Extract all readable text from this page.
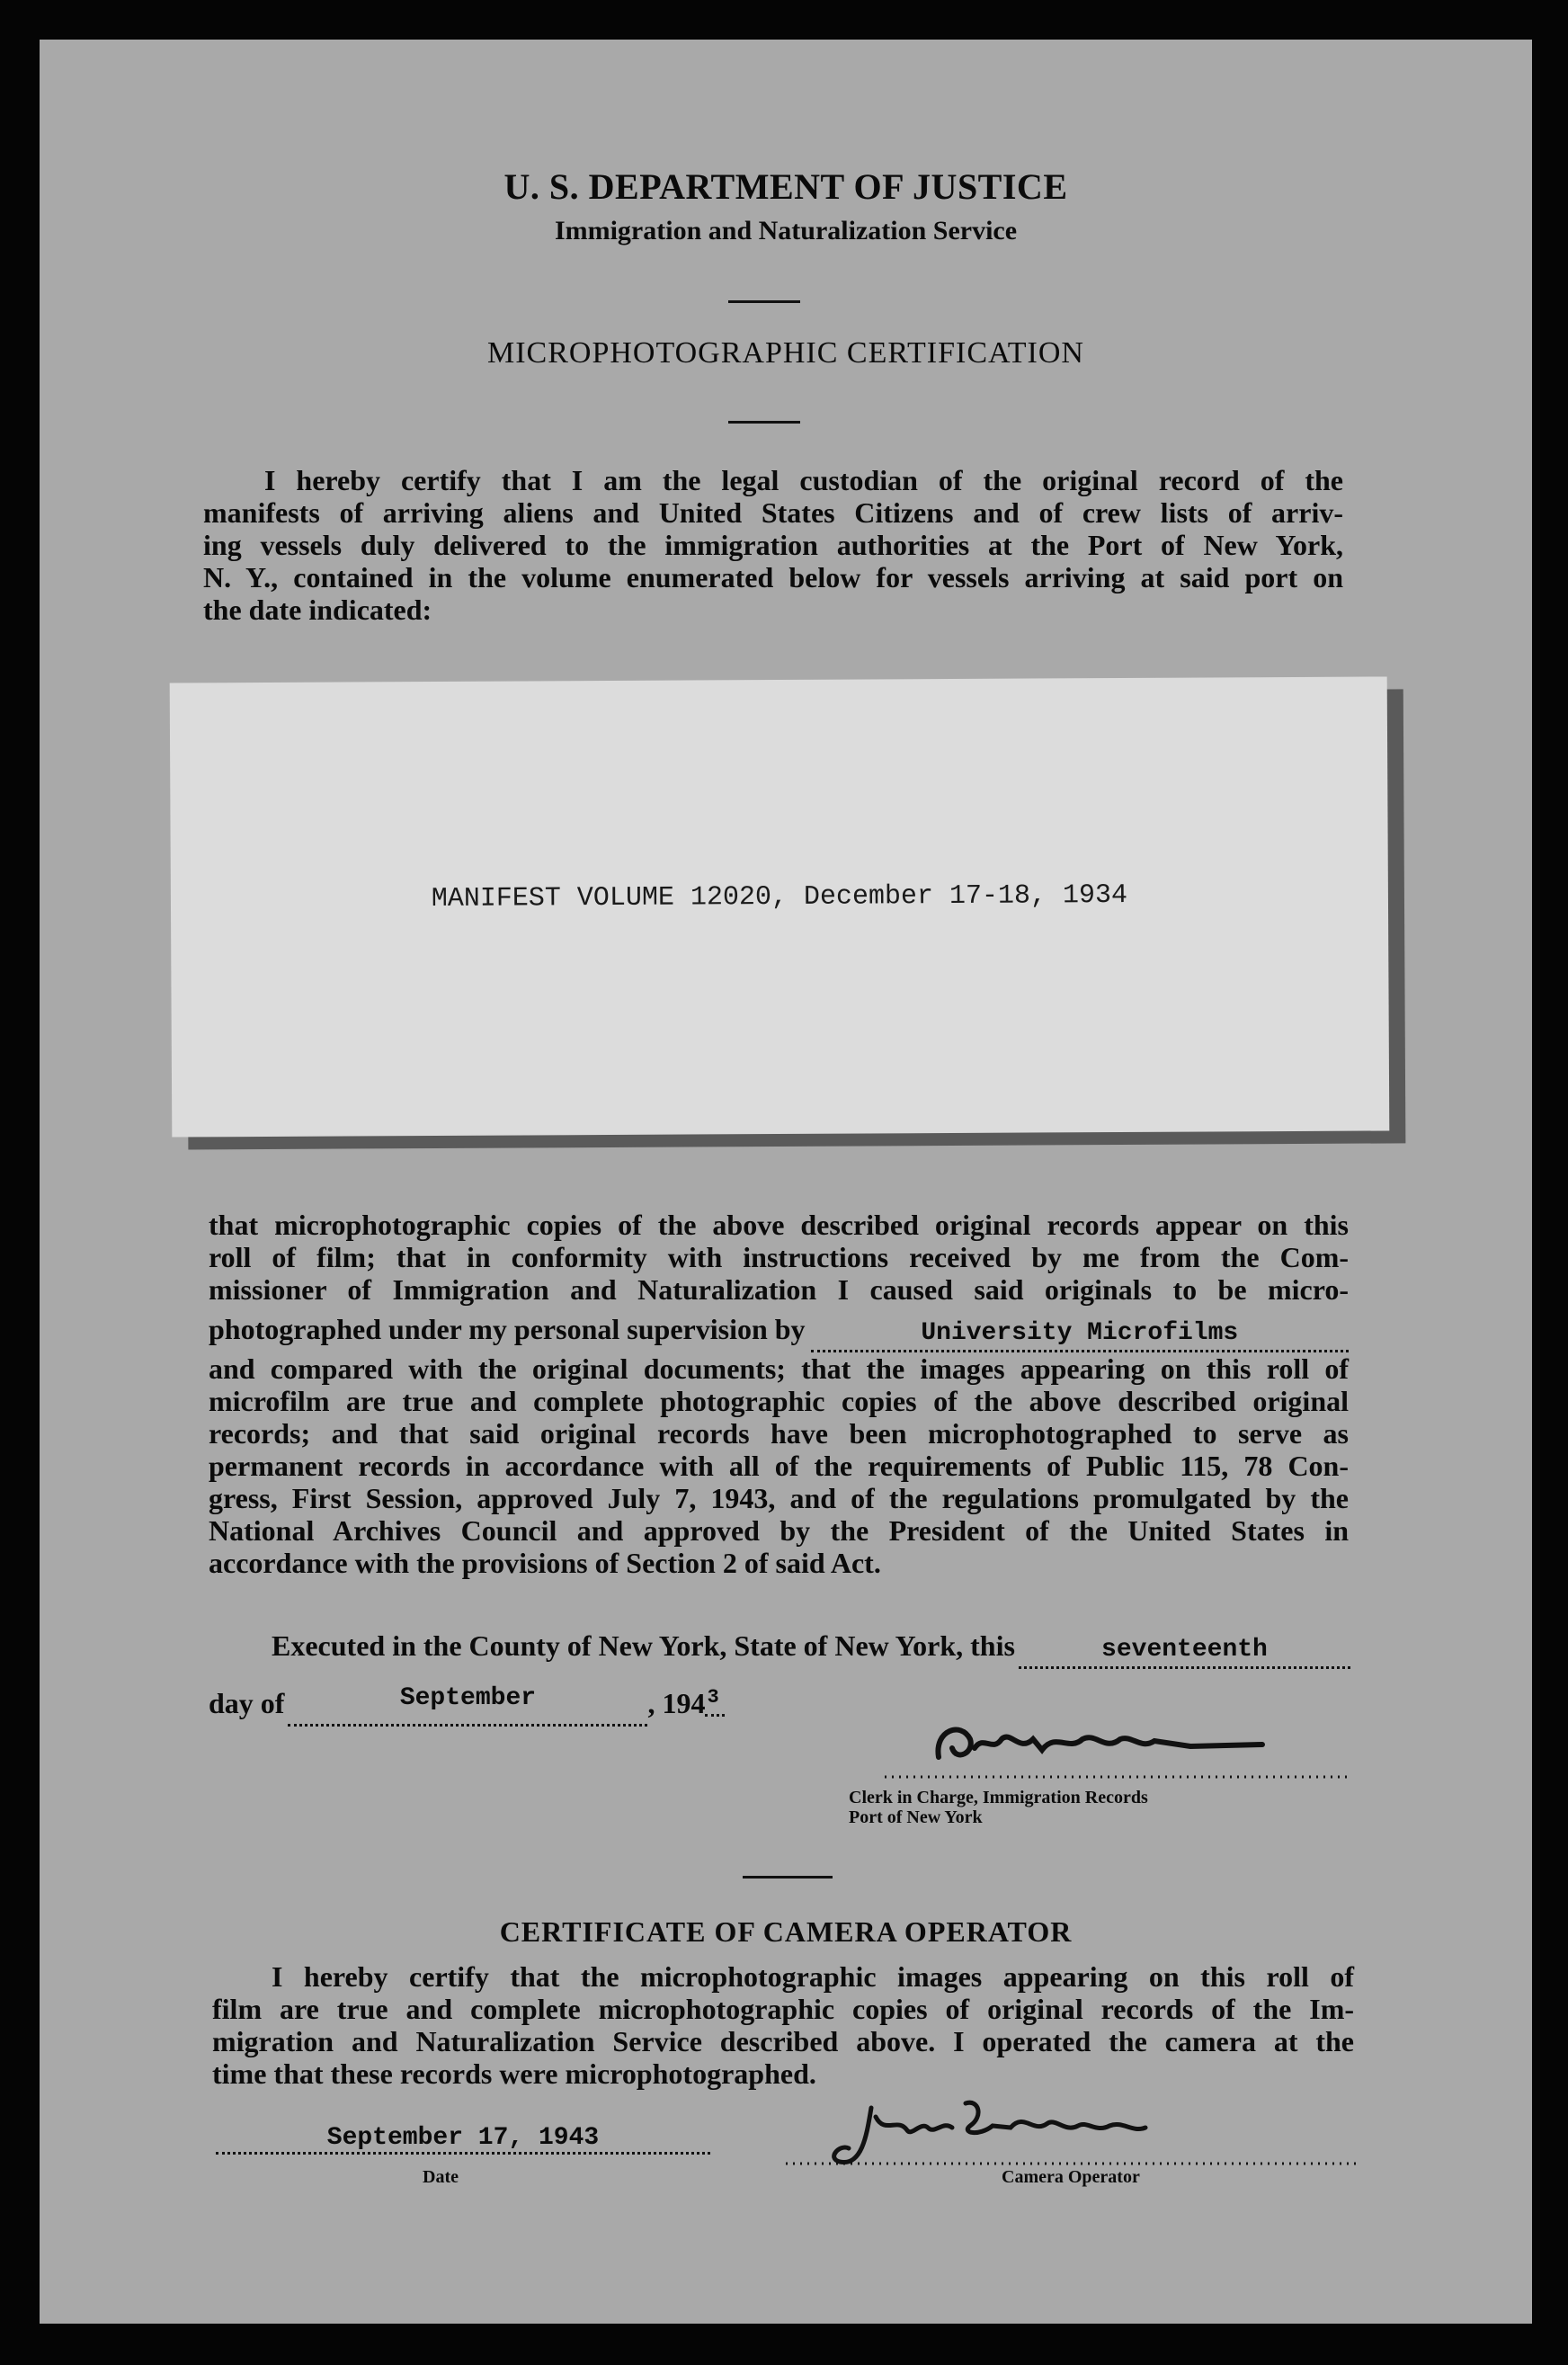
U. S. DEPARTMENT OF JUSTICE
Immigration and Naturalization Service
MICROPHOTOGRAPHIC CERTIFICATION
I hereby certify that I am the legal custodian of the original record of the
manifests of arriving aliens and United States Citizens and of crew lists of arriv-
ing vessels duly delivered to the immigration authorities at the Port of New York,
N. Y., contained in the volume enumerated below for vessels arriving at said port on
the date indicated:
MANIFEST VOLUME 12020, December 17-18, 1934
that microphotographic copies of the above described original records appear on this
roll of film; that in conformity with instructions received by me from the Com-
missioner of Immigration and Naturalization I caused said originals to be micro-
photographed under my personal supervision by	University Microfilms
and compared with the original documents; that the images appearing on this roll of
microfilm are true and complete photographic copies of the above described original
records; and that said original records have been microphotographed to serve as
permanent records in accordance with all of the requirements of Public 115, 78 Con-
gress, First Session, approved July 7, 1943, and of the regulations promulgated by the
National Archives Council and approved by the President of the United States in
accordance with the provisions of Section 2 of said Act.
Executed in the County of New York, State of New York, this	seventeenth
day of	September	, 194 3
Clerk in Charge, Immigration Records
Port of New York
CERTIFICATE OF CAMERA OPERATOR
I hereby certify that the microphotographic images appearing on this roll of
film are true and complete microphotographic copies of original records of the Im-
migration and Naturalization Service described above. I operated the camera at the
time that these records were microphotographed.
September 17, 1943
Date	Camera Operator
